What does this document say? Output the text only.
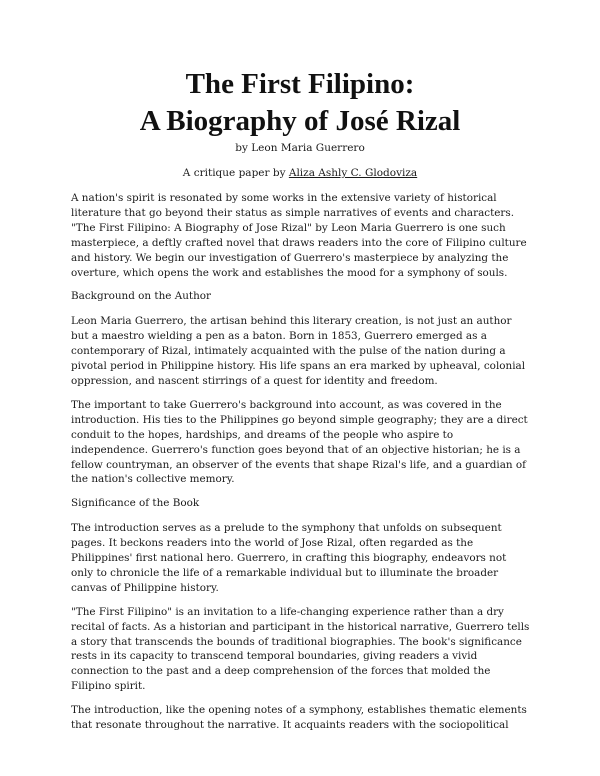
The First Filipino:
A Biography of José Rizal
by Leon Maria Guerrero
A critique paper by Aliza Ashly C. Glodoviza

A nation's spirit is resonated by some works in the extensive variety of historical literature that go beyond their status as simple narratives of events and characters. "The First Filipino: A Biography of Jose Rizal" by Leon Maria Guerrero is one such masterpiece, a deftly crafted novel that draws readers into the core of Filipino culture and history. We begin our investigation of Guerrero's masterpiece by analyzing the overture, which opens the work and establishes the mood for a symphony of souls.

Background on the Author

Leon Maria Guerrero, the artisan behind this literary creation, is not just an author but a maestro wielding a pen as a baton. Born in 1853, Guerrero emerged as a contemporary of Rizal, intimately acquainted with the pulse of the nation during a pivotal period in Philippine history. His life spans an era marked by upheaval, colonial oppression, and nascent stirrings of a quest for identity and freedom.

The important to take Guerrero's background into account, as was covered in the introduction. His ties to the Philippines go beyond simple geography; they are a direct conduit to the hopes, hardships, and dreams of the people who aspire to independence. Guerrero's function goes beyond that of an objective historian; he is a fellow countryman, an observer of the events that shape Rizal's life, and a guardian of the nation's collective memory.

Significance of the Book

The introduction serves as a prelude to the symphony that unfolds on subsequent pages. It beckons readers into the world of Jose Rizal, often regarded as the Philippines' first national hero. Guerrero, in crafting this biography, endeavors not only to chronicle the life of a remarkable individual but to illuminate the broader canvas of Philippine history.

"The First Filipino" is an invitation to a life-changing experience rather than a dry recital of facts. As a historian and participant in the historical narrative, Guerrero tells a story that transcends the bounds of traditional biographies. The book's significance rests in its capacity to transcend temporal boundaries, giving readers a vivid connection to the past and a deep comprehension of the forces that molded the Filipino spirit.

The introduction, like the opening notes of a symphony, establishes thematic elements that resonate throughout the narrative. It acquaints readers with the sociopolitical
